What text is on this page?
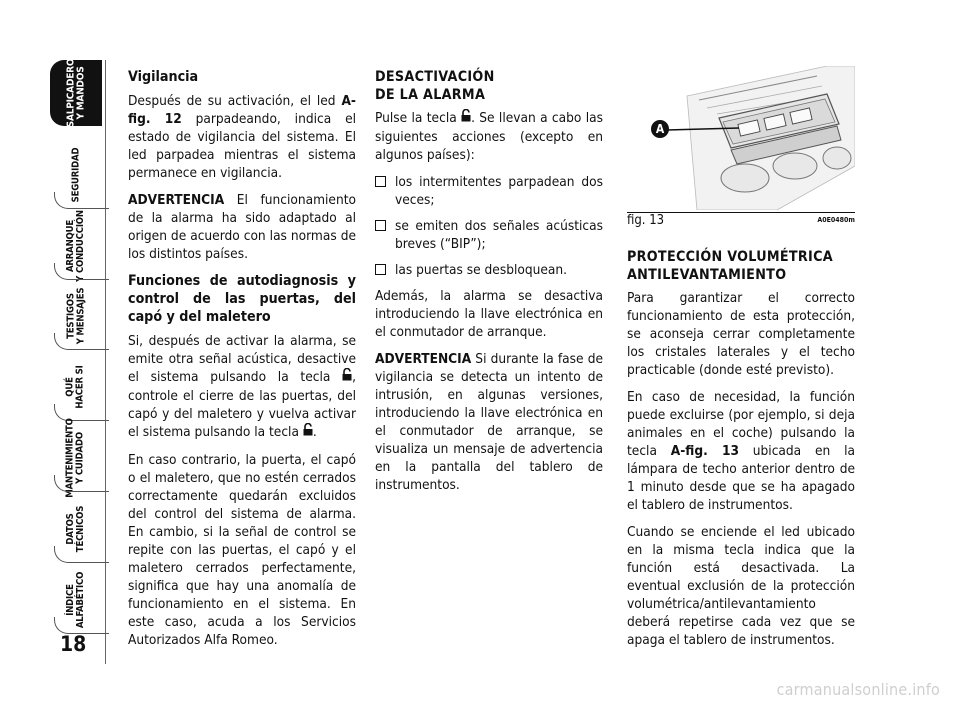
SALPICADERO
Y MANDOS
SEGURIDAD
ARRANQUE
Y CONDUCCIÓN
TESTIGOS
Y MENSAJES
QUÉ
HACER SI
MANTENIMIENTO
Y CUIDADO
DATOS
TÉCNICOS
ÍNDICE
ALFABÉTICO
18
Vigilancia

Después de su activación, el led A-fig. 12 parpadeando, indica el estado de vigilancia del sistema. El led parpadea mientras el sistema permanece en vigilancia.

ADVERTENCIA El funcionamiento de la alarma ha sido adaptado al origen de acuerdo con las normas de los distintos países.

Funciones de autodiagnosis y control de las puertas, del capó y del maletero

Si, después de activar la alarma, se emite otra señal acústica, desactive el sistema pulsando la tecla , controle el cierre de las puertas, del capó y del maletero y vuelva activar el sistema pulsando la tecla .

En caso contrario, la puerta, el capó o el maletero, que no estén cerrados correctamente quedarán excluidos del control del sistema de alarma. En cambio, si la señal de control se repite con las puertas, el capó y el maletero cerrados perfectamente, significa que hay una anomalía de funcionamiento en el sistema. En este caso, acuda a los Servicios Autorizados Alfa Romeo.

DESACTIVACIÓN
DE LA ALARMA

Pulse la tecla . Se llevan a cabo las siguientes acciones (excepto en algunos países):

los intermitentes parpadean dos veces;
se emiten dos señales acústicas breves (“BIP”);
las puertas se desbloquean.

Además, la alarma se desactiva introduciendo la llave electrónica en el conmutador de arranque.

ADVERTENCIA Si durante la fase de vigilancia se detecta un intento de intrusión, en algunas versiones, introduciendo la llave electrónica en el conmutador de arranque, se visualiza un mensaje de advertencia en la pantalla del tablero de instrumentos.

A
fig. 13	A0E0480m
PROTECCIÓN VOLUMÉTRICA
ANTILEVANTAMIENTO

Para garantizar el correcto funcionamiento de esta protección, se aconseja cerrar completamente los cristales laterales y el techo practicable (donde esté previsto).

En caso de necesidad, la función puede excluirse (por ejemplo, si deja animales en el coche) pulsando la tecla A-fig. 13 ubicada en la lámpara de techo anterior dentro de 1 minuto desde que se ha apagado el tablero de instrumentos.

Cuando se enciende el led ubicado en la misma tecla indica que la función está desactivada. La eventual exclusión de la protección volumétrica/antilevantamiento deberá repetirse cada vez que se apaga el tablero de instrumentos.

carmanualsonline.info
